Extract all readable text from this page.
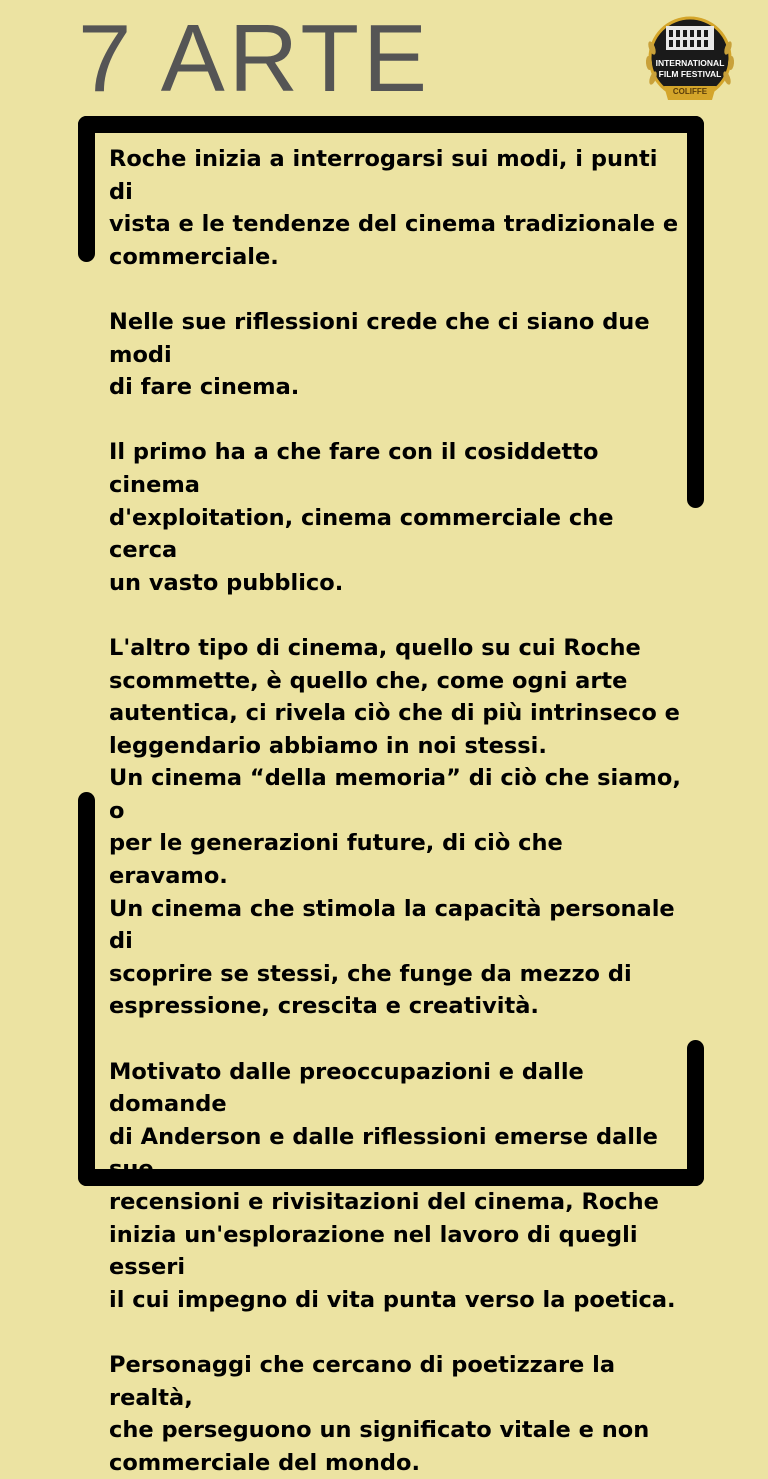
7 ARTE	INTERNATIONAL
FILM FESTIVAL
COLIFFE

Roche inizia a interrogarsi sui modi, i punti di
vista e le tendenze del cinema tradizionale e
commerciale.

Nelle sue riflessioni crede che ci siano due modi
di fare cinema.

Il primo ha a che fare con il cosiddetto cinema
d'exploitation, cinema commerciale che cerca
un vasto pubblico.

L'altro tipo di cinema, quello su cui Roche
scommette, è quello che, come ogni arte
autentica, ci rivela ciò che di più intrinseco e
leggendario abbiamo in noi stessi.
Un cinema “della memoria” di ciò che siamo, o
per le generazioni future, di ciò che eravamo.
Un cinema che stimola la capacità personale di
scoprire se stessi, che funge da mezzo di
espressione, crescita e creatività.

Motivato dalle preoccupazioni e dalle domande
di Anderson e dalle riflessioni emerse dalle sue
recensioni e rivisitazioni del cinema, Roche
inizia un'esplorazione nel lavoro di quegli esseri
il cui impegno di vita punta verso la poetica.

Personaggi che cercano di poetizzare la realtà,
che perseguono un significato vitale e non
commerciale del mondo.
